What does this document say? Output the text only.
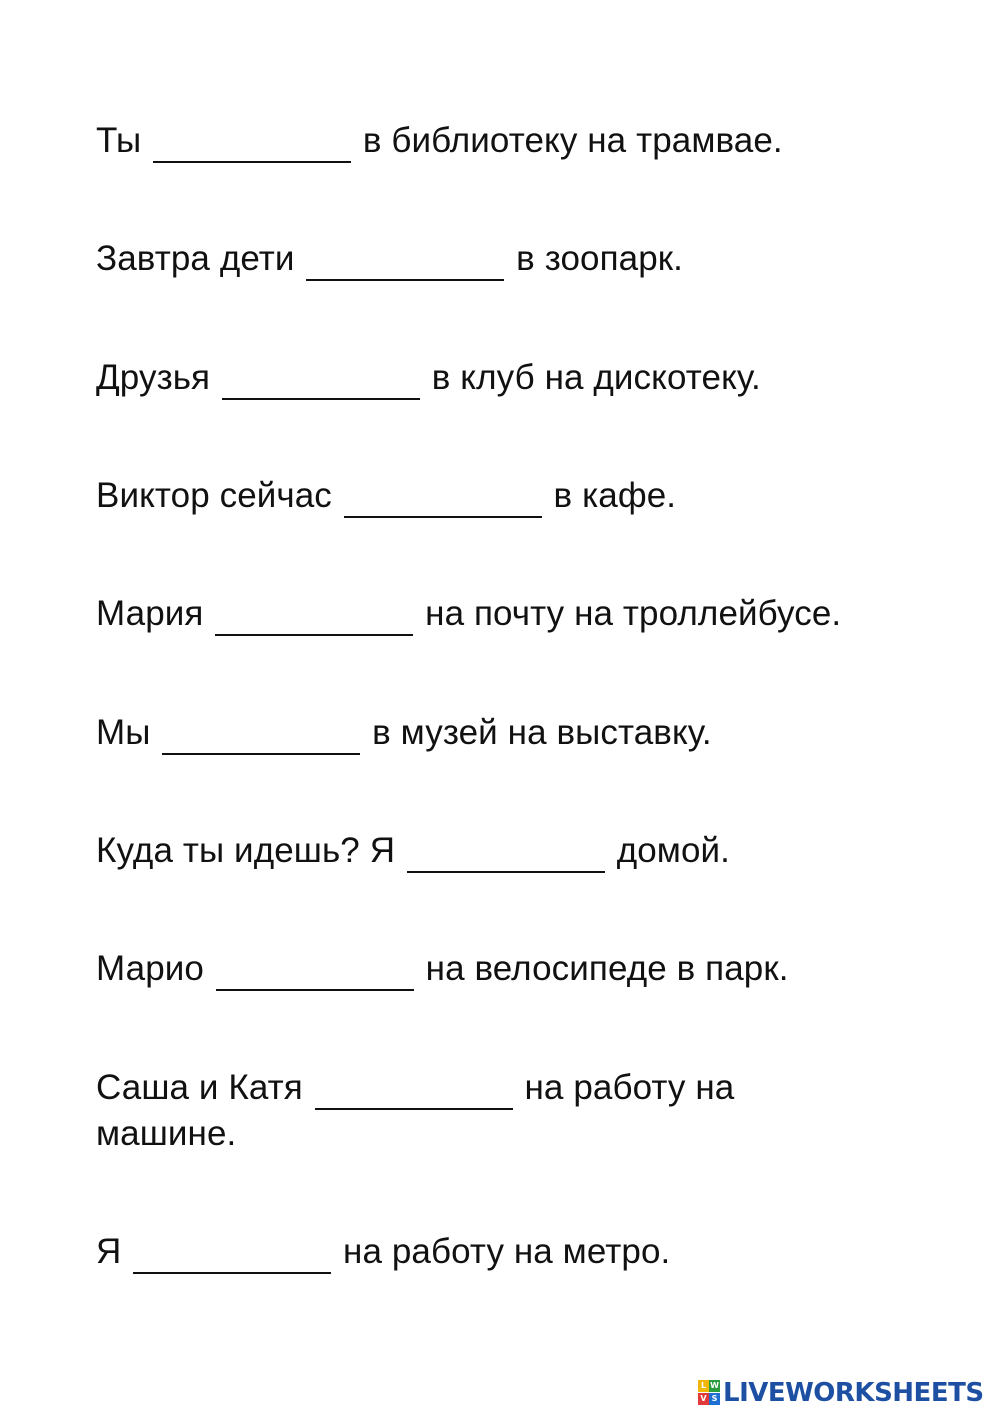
Ты	в библиотеку на трамвае.
Завтра дети	в зоопарк.
Друзья	в клуб на дискотеку.
Виктор сейчас	в кафе.
Мария	на почту на троллейбусе.
Мы	в музей на выставку.
Куда ты идешь? Я	домой.
Марио	на велосипеде в парк.
Саша и Катя	на работу на машине.
Я	на работу на метро.
L W
V S LIVEWORKSHEETS
